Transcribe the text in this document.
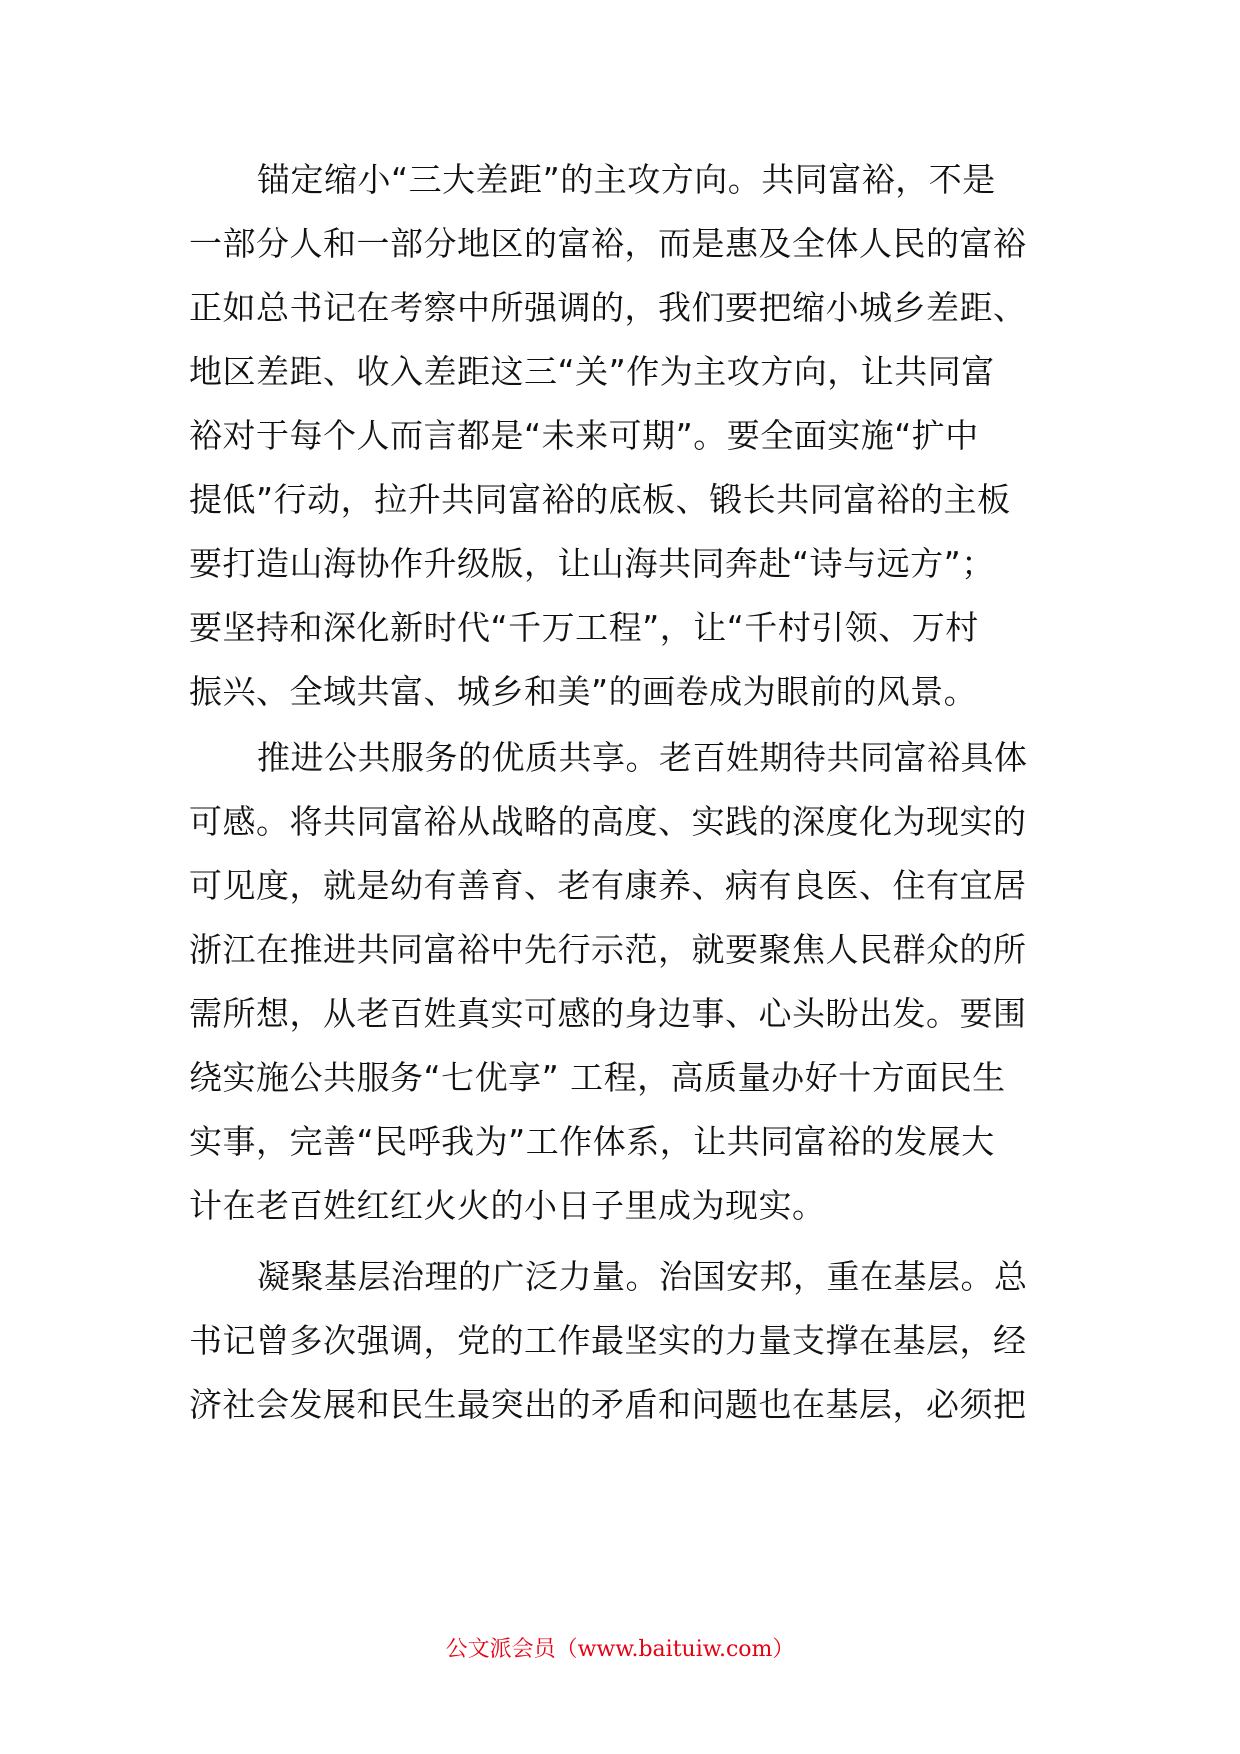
锚定缩小“三大差距”的主攻方向。共同富裕，不是
一部分人和一部分地区的富裕，而是惠及全体人民的富裕
正如总书记在考察中所强调的，我们要把缩小城乡差距、
地区差距、收入差距这三“关”作为主攻方向，让共同富
裕对于每个人而言都是“未来可期”。要全面实施“扩中
提低”行动，拉升共同富裕的底板、锻长共同富裕的主板
要打造山海协作升级版，让山海共同奔赴“诗与远方”；
要坚持和深化新时代“千万工程”，让“千村引领、万村
振兴、全域共富、城乡和美”的画卷成为眼前的风景。
推进公共服务的优质共享。老百姓期待共同富裕具体
可感。将共同富裕从战略的高度、实践的深度化为现实的
可见度，就是幼有善育、老有康养、病有良医、住有宜居
浙江在推进共同富裕中先行示范，就要聚焦人民群众的所
需所想，从老百姓真实可感的身边事、心头盼出发。要围
绕实施公共服务“七优享” 工程，高质量办好十方面民生
实事，完善“民呼我为”工作体系，让共同富裕的发展大
计在老百姓红红火火的小日子里成为现实。
凝聚基层治理的广泛力量。治国安邦，重在基层。总
书记曾多次强调，党的工作最坚实的力量支撑在基层，经
济社会发展和民生最突出的矛盾和问题也在基层，必须把
公文派会员（www.baituiw.com）
